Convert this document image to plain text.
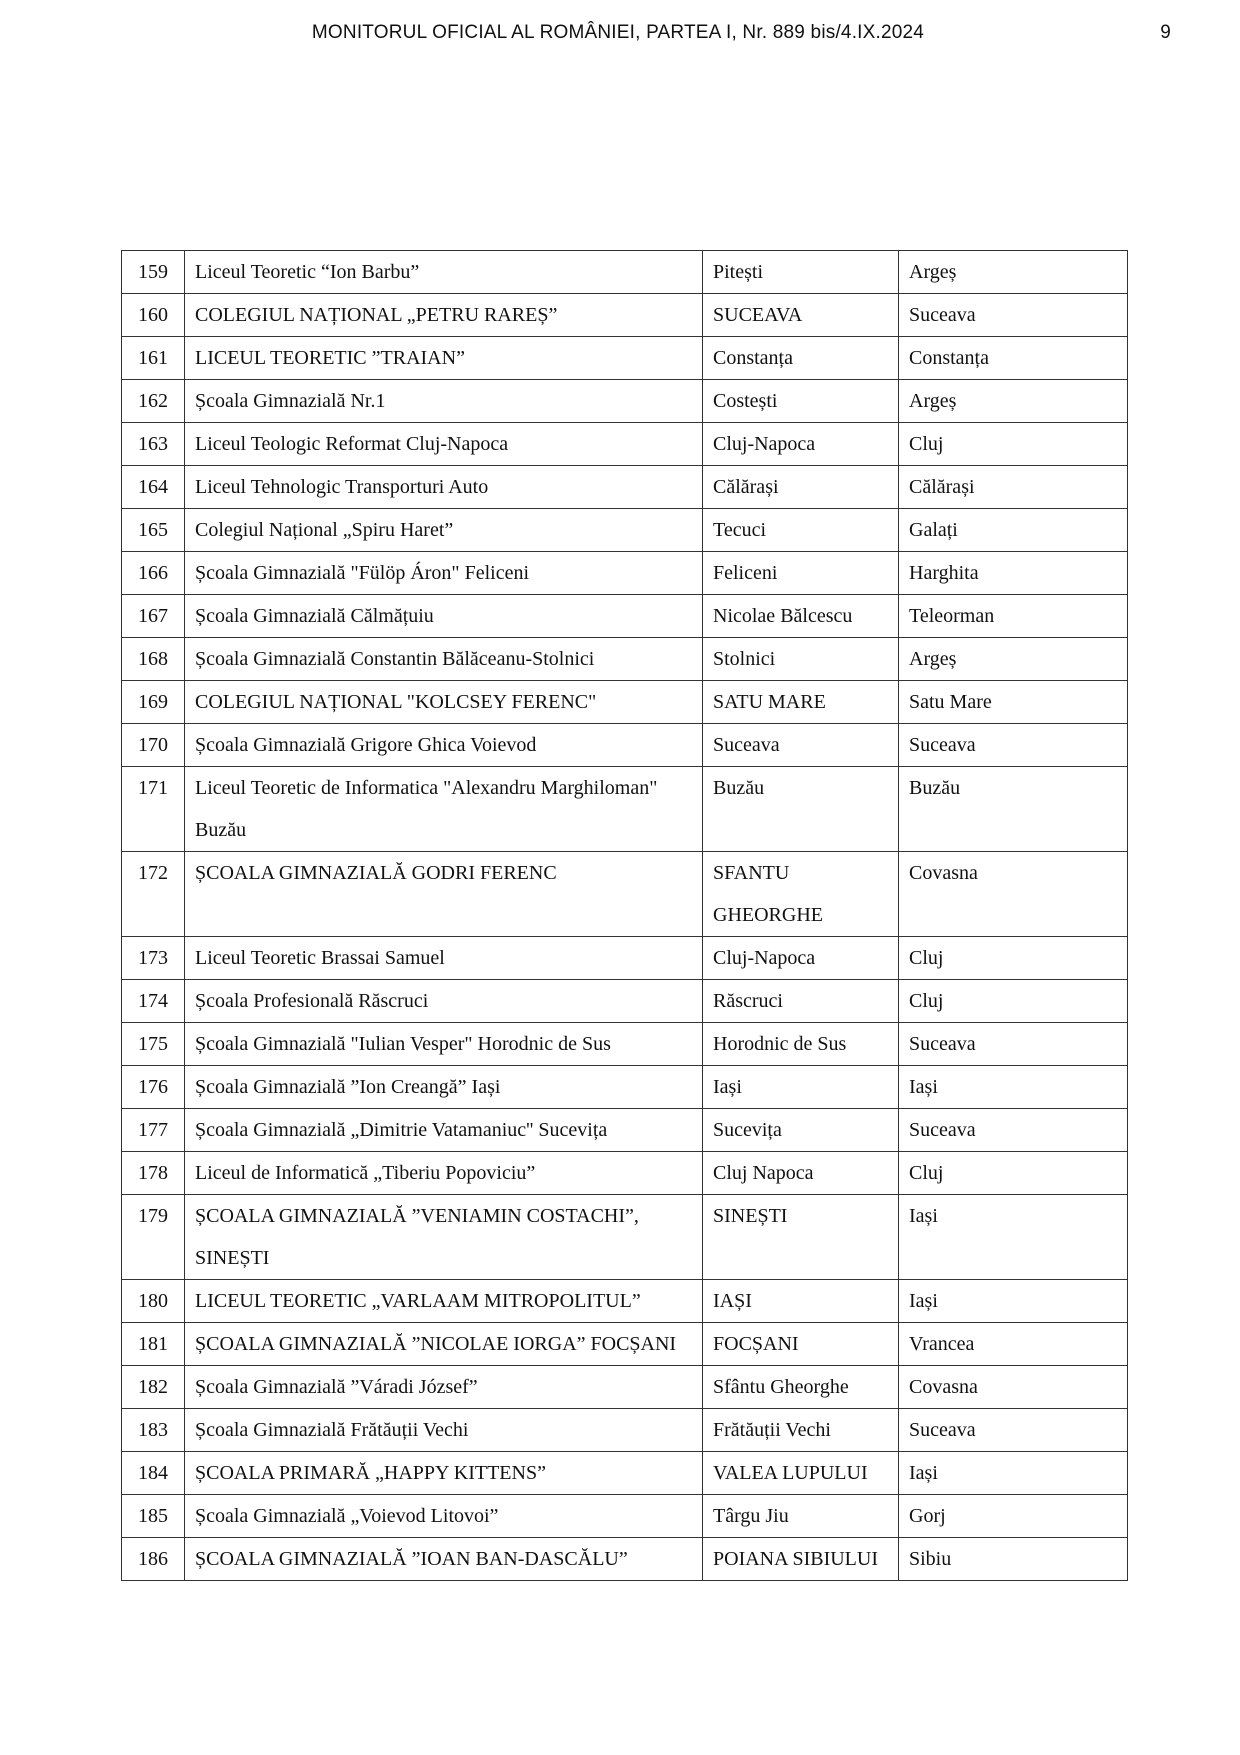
MONITORUL OFICIAL AL ROMÂNIEI, PARTEA I, Nr. 889 bis/4.IX.2024	9
159	Liceul Teoretic “Ion Barbu”	Pitești	Argeș

160	COLEGIUL NAȚIONAL „PETRU RAREȘ”	SUCEAVA	Suceava

161	LICEUL TEORETIC ”TRAIAN”	Constanța	Constanța

162	Școala Gimnazială Nr.1	Costești	Argeș

163	Liceul Teologic Reformat Cluj-Napoca	Cluj-Napoca	Cluj

164	Liceul Tehnologic Transporturi Auto	Călărași	Călărași

165	Colegiul Național „Spiru Haret”	Tecuci	Galați

166	Școala Gimnazială "Fülöp Áron" Feliceni	Feliceni	Harghita

167	Școala Gimnazială Călmățuiu	Nicolae Bălcescu	Teleorman

168	Școala Gimnazială Constantin Bălăceanu-Stolnici	Stolnici	Argeș

169	COLEGIUL NAȚIONAL "KOLCSEY FERENC"	SATU MARE	Satu Mare

170	Școala Gimnazială Grigore Ghica Voievod	Suceava	Suceava

171	Liceul Teoretic de Informatica "Alexandru Marghiloman" Buzău	Buzău	Buzău

172	ȘCOALA GIMNAZIALĂ GODRI FERENC	SFANTU GHEORGHE	Covasna

173	Liceul Teoretic Brassai Samuel	Cluj-Napoca	Cluj

174	Școala Profesională Răscruci	Răscruci	Cluj

175	Școala Gimnazială "Iulian Vesper" Horodnic de Sus	Horodnic de Sus	Suceava

176	Școala Gimnazială ”Ion Creangă” Iași	Iași	Iași

177	Școala Gimnazială „Dimitrie Vatamaniuc'' Sucevița	Sucevița	Suceava

178	Liceul de Informatică „Tiberiu Popoviciu”	Cluj Napoca	Cluj

179	ȘCOALA GIMNAZIALĂ ”VENIAMIN COSTACHI”, SINEȘTI	SINEȘTI	Iași

180	LICEUL TEORETIC „VARLAAM MITROPOLITUL”	IAȘI	Iași

181	ȘCOALA GIMNAZIALĂ ”NICOLAE IORGA” FOCȘANI	FOCȘANI	Vrancea

182	Școala Gimnazială ”Váradi József”	Sfântu Gheorghe	Covasna

183	Școala Gimnazială Frătăuții Vechi	Frătăuții Vechi	Suceava

184	ȘCOALA PRIMARĂ „HAPPY KITTENS”	VALEA LUPULUI	Iași

185	Școala Gimnazială „Voievod Litovoi”	Târgu Jiu	Gorj

186	ȘCOALA GIMNAZIALĂ ”IOAN BAN-DASCĂLU”	POIANA SIBIULUI	Sibiu
